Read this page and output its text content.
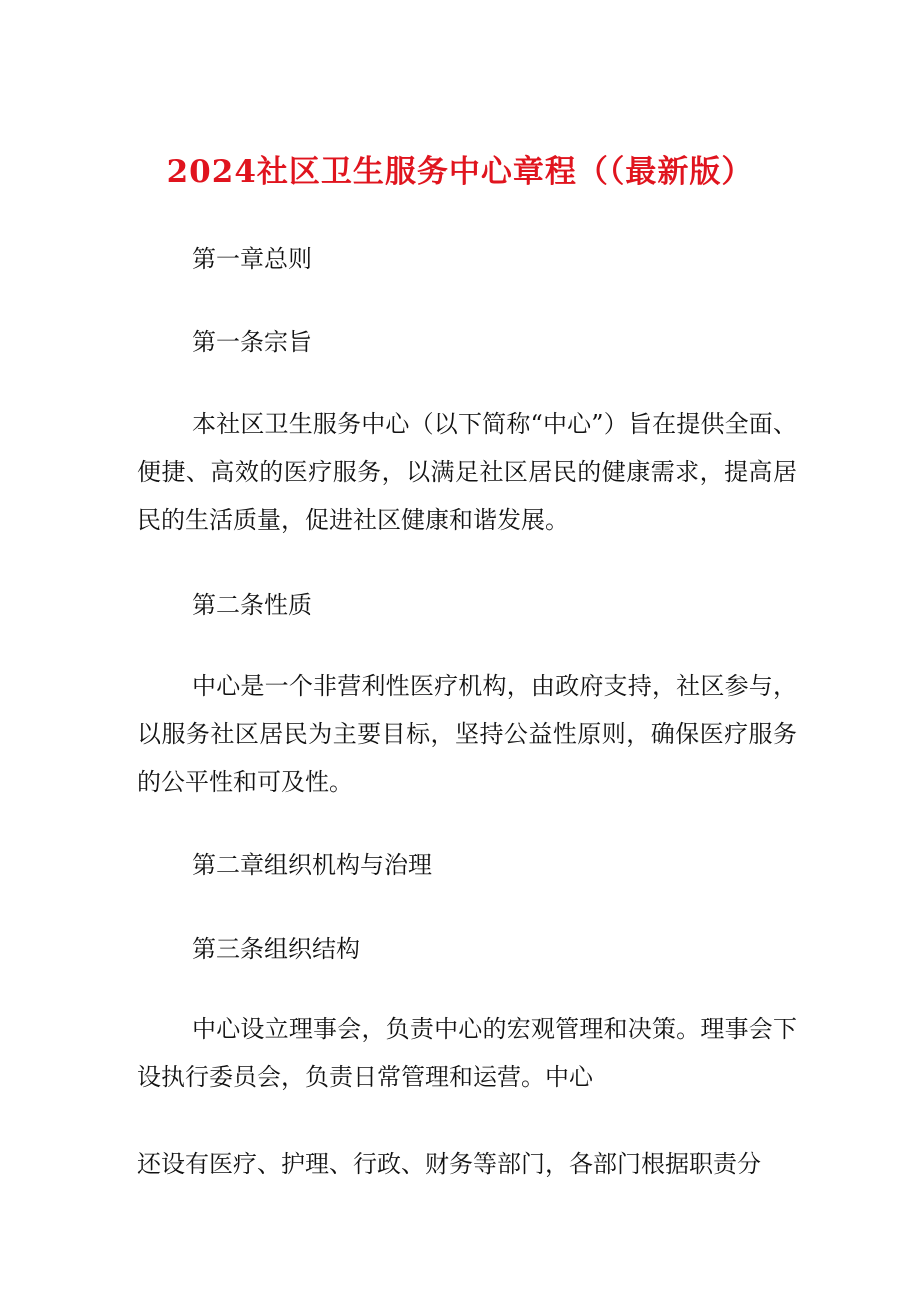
2024社区卫生服务中心章程（（最新版）
第一章总则
第一条宗旨
本社区卫生服务中心（以下简称“中心”）旨在提供全面、便捷、高效的医疗服务，以满足社区居民的健康需求，提高居民的生活质量，促进社区健康和谐发展。
第二条性质
中心是一个非营利性医疗机构，由政府支持，社区参与，以服务社区居民为主要目标，坚持公益性原则，确保医疗服务的公平性和可及性。
第二章组织机构与治理
第三条组织结构
中心设立理事会，负责中心的宏观管理和决策。理事会下设执行委员会，负责日常管理和运营。中心
还设有医疗、护理、行政、财务等部门，各部门根据职责分
